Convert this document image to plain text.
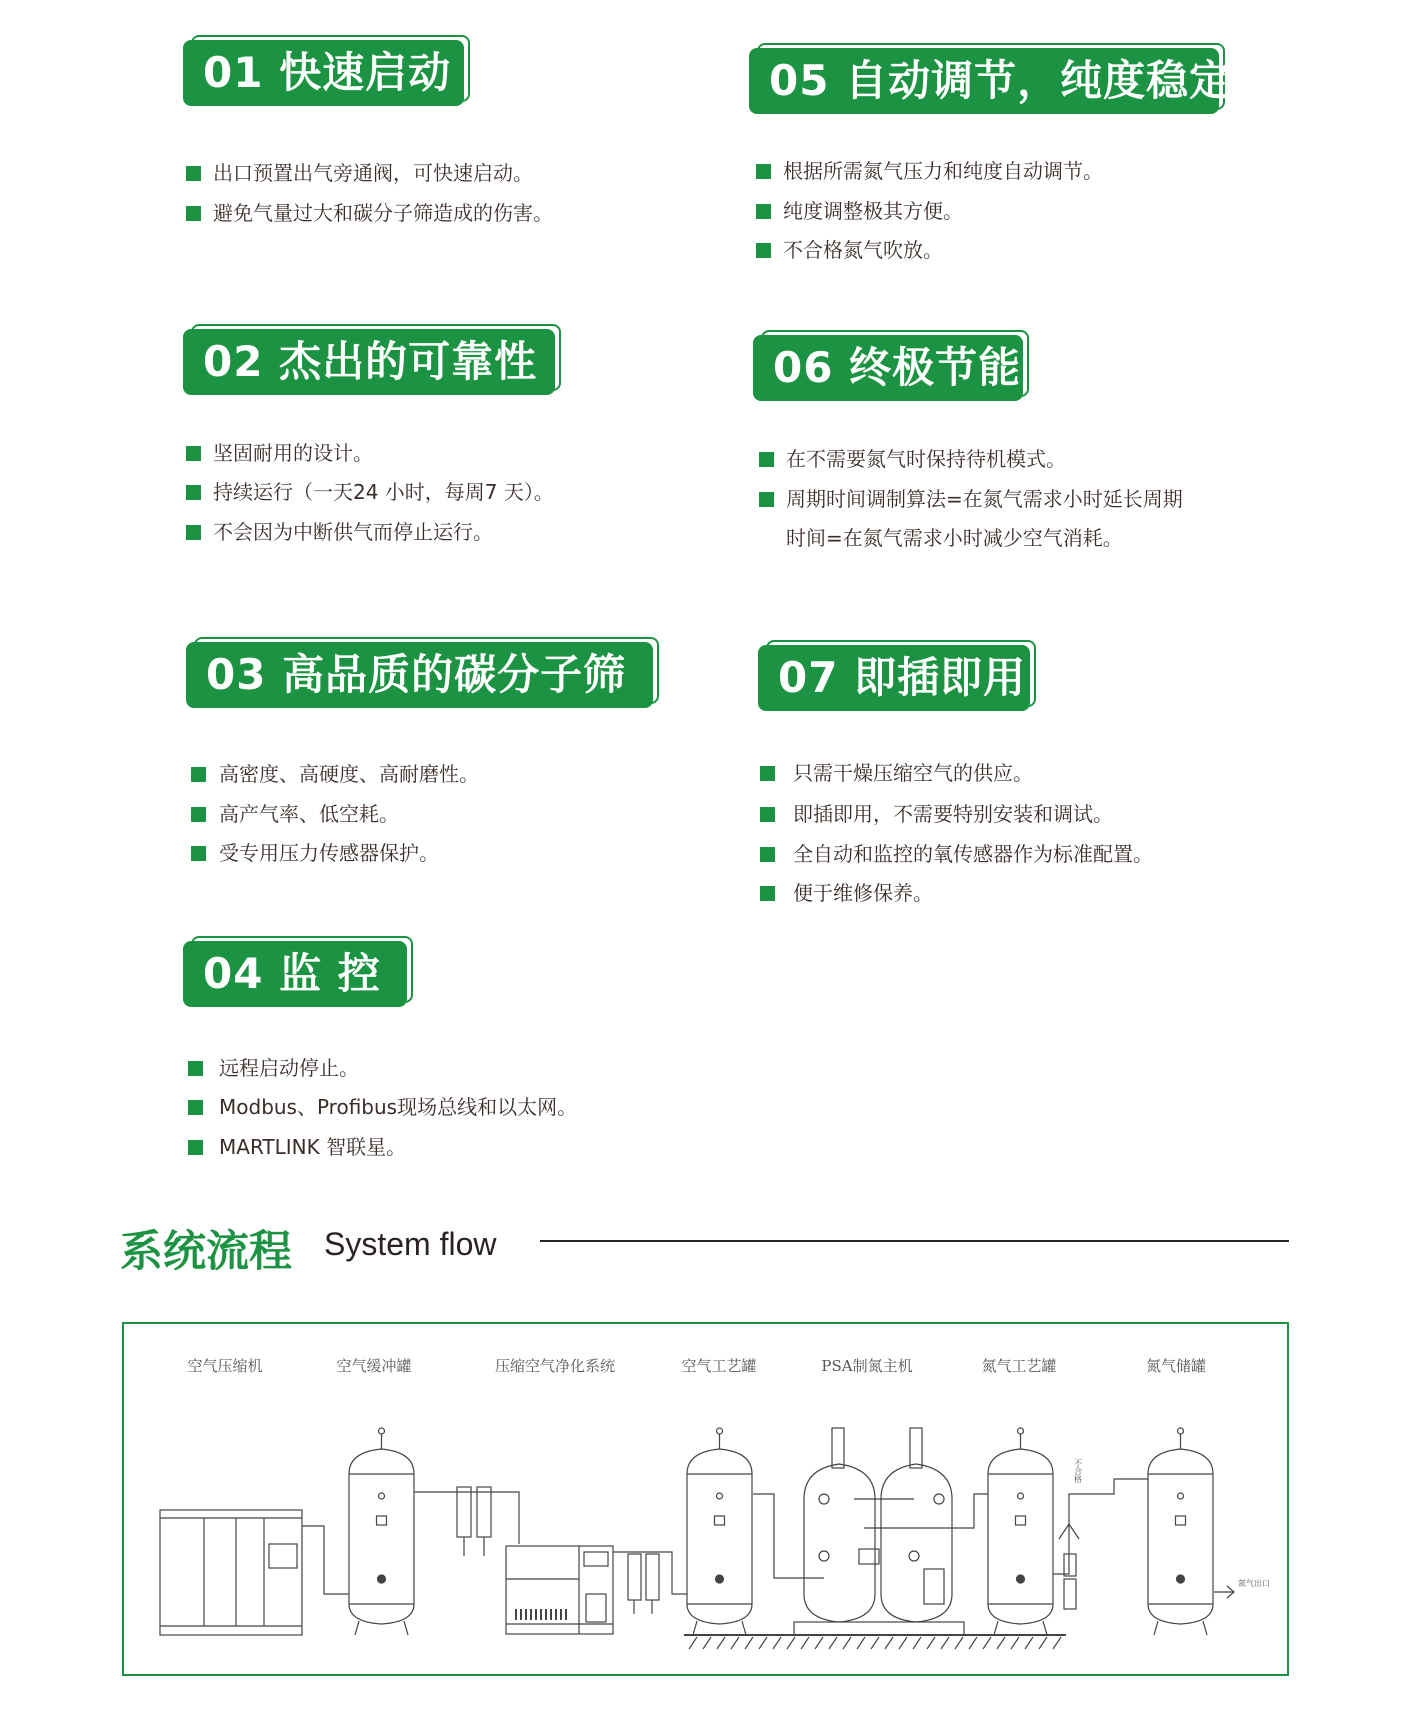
01 快速启动
02 杰出的可靠性
03 高品质的碳分子筛
04 监 控
05 自动调节，纯度稳定
06 终极节能
07 即插即用
出口预置出气旁通阀，可快速启动。
避免气量过大和碳分子筛造成的伤害。
坚固耐用的设计。
持续运行（一天24 小时，每周7 天）。
不会因为中断供气而停止运行。
高密度、高硬度、高耐磨性。
高产气率、低空耗。
受专用压力传感器保护。
远程启动停止。
Modbus、Profibus现场总线和以太网。
MARTLINK 智联星。
根据所需氮气压力和纯度自动调节。
纯度调整极其方便。
不合格氮气吹放。
在不需要氮气时保持待机模式。
周期时间调制算法=在氮气需求小时延长周期
时间=在氮气需求小时减少空气消耗。
只需干燥压缩空气的供应。
即插即用，不需要特别安装和调试。
全自动和监控的氧传感器作为标准配置。
便于维修保养。
系统流程 System flow
空气压缩机	空气缓冲罐	压缩空气净化系统	空气工艺罐	PSA制氮主机	氮气工艺罐	氮气储罐
氮气出口
不合格
